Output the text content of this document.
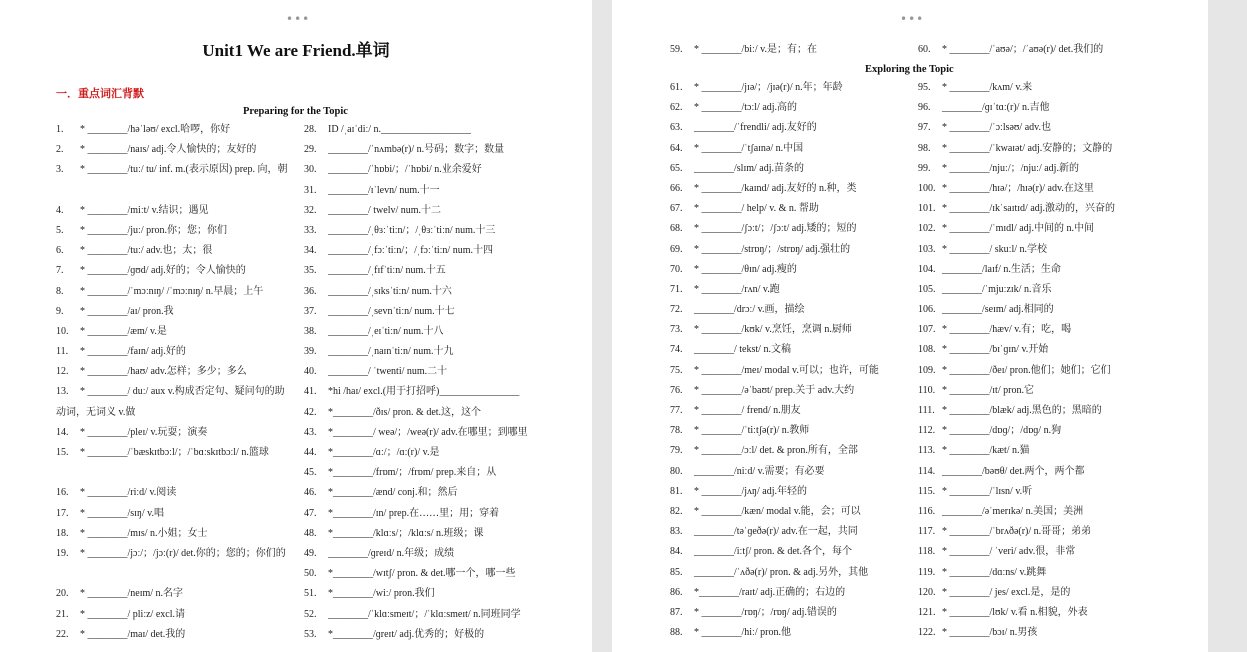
•••
Unit1 We are Friend.单词
一．重点词汇背默
Preparing for the Topic
1. * ________/həˈləʊ/ excl.哈啰，你好
2. * ________/naɪs/ adj.令人愉快的；友好的
3. * ________/tuː/ tu/ inf. m.(表示原因) prep. 向，朝
4. * ________/miːt/ v.结识；遇见
5. * ________/juː/ pron.你；您；你们
6. * ________/tuː/ adv.也；太；很
7. * ________/ɡʊd/ adj.好的；令人愉快的
8. * ________/ˈmɔːnɪŋ/ /ˈmɔːnɪŋ/ n.早晨；上午
9. * ________/aɪ/ pron.我
10. * ________/æm/ v.是
11. * ________/faɪn/ adj.好的
12. * ________/haʊ/ adv.怎样；多少；多么
13. * ________/ duː/ aux v.构成否定句、疑问句的助动词，无词义 v.做
14. * ________/pleɪ/ v.玩耍；演奏
15. * ________/ˈbæskɪtbɔːl/；/ˈbɑːskɪtbɔːl/ n.篮球
16. * ________/riːd/ v.阅读
17. * ________/sɪŋ/ v.唱
18. * ________/mɪs/ n.小姐；女士
19. * ________/jɔː/；/jɔː(r)/ det.你的；您的；你们的
20. * ________/neɪm/ n.名字
21. * ________/ pliːz/ excl.请
22. * ________/maɪ/ det.我的
28. ID /ˌaɪˈdiː/ n.__________________
29. ________/ˈnʌmbə(r)/ n.号码；数字；数量
30. ________/ˈhɒbi/；/ˈhɒbi/ n.业余爱好
31. ________/ɪˈlevn/ num.十一
32. ________/ twelv/ num.十二
33. ________/ˌθɜːˈtiːn/；/ˌθɜːˈtiːn/ num.十三
34. ________/ˌfɔːˈtiːn/；/ˌfɔːˈtiːn/ num.十四
35. ________/ˌfɪfˈtiːn/ num.十五
36. ________/ˌsɪksˈtiːn/ num.十六
37. ________/ˌsevnˈtiːn/ num.十七
38. ________/ˌeɪˈtiːn/ num.十八
39. ________/ˌnaɪnˈtiːn/ num.十九
40. ________/ ˈtwenti/ num.二十
41. *hi /haɪ/ excl.(用于打招呼)________________
42. *________/ðɪs/ pron. & det.这，这个
43. *________/ weə/；/weə(r)/ adv.在哪里；到哪里
44. *________/ɑː/；/ɑː(r)/ v.是
45. *________/frɒm/；/frɒm/ prep.来自；从
46. *________/ænd/ conj.和；然后
47. *________/ɪn/ prep.在……里；用；穿着
48. *________/klɑːs/；/klɑːs/ n.班级；课
49. ________/ɡreɪd/ n.年级；成绩
50. *________/wɪtʃ/ pron. & det.哪一个，哪一些
51. *________/wiː/ pron.我们
52. ________/ˈklɑːsmeɪt/；/ˈklɑːsmeɪt/ n.同班同学
53. *________/ɡreɪt/ adj.优秀的；好极的
•••
59. * ________/biː/ v.是；有；在	60. * ________/ˈaʊə/；/ˈaʊə(r)/ det.我们的
Exploring the Topic
61. * ________/jɪə/；/jɪə(r)/ n.年；年龄
62. * ________/tɔːl/ adj.高的
63. ________/ˈfrendli/ adj.友好的
64. * ________/ˈtʃaɪnə/ n.中国
65. ________/slɪm/ adj.苗条的
66. * ________/kaɪnd/ adj.友好的 n.种，类
67. * ________/ help/ v. & n. 帮助
68. * ________/ʃɔːt/；/ʃɔːt/ adj.矮的；短的
69. * ________/strɒŋ/；/strɒŋ/ adj.强壮的
70. * ________/θɪn/ adj.瘦的
71. * ________/rʌn/ v.跑
72. ________/drɔː/ v.画，描绘
73. * ________/kʊk/ v.烹饪，烹调 n.厨师
74. ________/ tekst/ n.文稿
75. * ________/meɪ/ modal v.可以；也许，可能
76. * ________/əˈbaʊt/ prep.关于 adv.大约
77. * ________/ frend/ n.朋友
78. * ________/ˈtiːtʃə(r)/ n.教师
79. * ________/ɔːl/ det. & pron.所有，全部
80. ________/niːd/ v.需要；有必要
81. * ________/jʌŋ/ adj.年轻的
82. * ________/kæn/ modal v.能，会；可以
83. ________/təˈɡeðə(r)/ adv.在一起，共同
84. ________/iːtʃ/ pron. & det.各个，每个
85. ________/ˈʌðə(r)/ pron. & adj.另外，其他
86. *________/raɪt/ adj.正确的；右边的
87. * ________/rɒŋ/；/rɒŋ/ adj.错误的
88. * ________/hiː/ pron.他
95. * ________/kʌm/ v.来
96. ________/ɡɪˈtɑː(r)/ n.吉他
97. * ________/ˈɔːlsəʊ/ adv.也
98. * ________/ˈkwaɪət/ adj.安静的；文静的
99. * ________/njuː/；/njuː/ adj.新的
100. * ________/hɪə/；/hɪə(r)/ adv.在这里
101. * ________/ɪkˈsaɪtɪd/ adj.激动的，兴奋的
102. * ________/ˈmɪdl/ adj.中间的 n.中间
103. * ________/ skuːl/ n.学校
104. ________/laɪf/ n.生活；生命
105. ________/ˈmjuːzɪk/ n.音乐
106. ________/seɪm/ adj.相同的
107. * ________/hæv/ v.有；吃，喝
108. * ________/bɪˈɡɪn/ v.开始
109. * ________/ðeɪ/ pron.他们；她们；它们
110. * ________/ɪt/ pron.它
111. * ________/blæk/ adj.黑色的；黑暗的
112. * ________/dɒɡ/；/dɒɡ/ n.狗
113. * ________/kæt/ n.猫
114. ________/bəʊθ/ det.两个，两个都
115. * ________/ˈlɪsn/ v.听
116. ________/əˈmerɪkə/ n.美国；美洲
117. * ________/ˈbrʌðə(r)/ n.哥哥；弟弟
118. * ________/ ˈveri/ adv.很，非常
119. * ________/dɑːns/ v.跳舞
120. * ________/ jes/ excl.是，是的
121. * ________/lʊk/ v.看 n.相貌，外表
122. * ________/bɔɪ/ n.男孩
